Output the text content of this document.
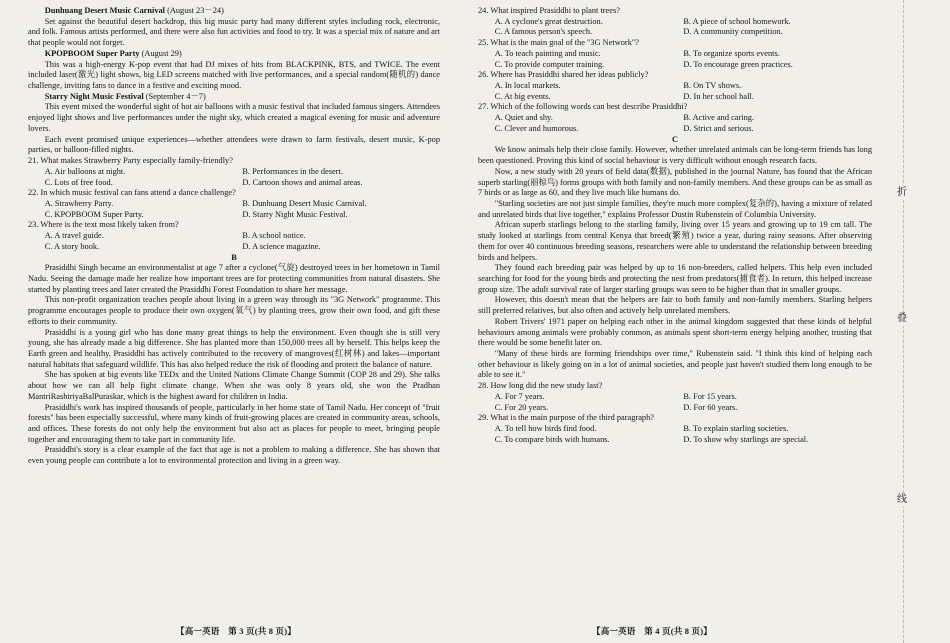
Dunhuang Desert Music Carnival (August 23－24)

Set against the beautiful desert backdrop, this big music party had many different styles including rock, electronic, and folk. Famous artists performed, and there were also fun activities and food to try. It was a special mix of nature and art that people would not forget.

KPOPBOOM Super Party (August 29)

This was a high-energy K-pop event that had DJ mixes of hits from BLACKPINK, BTS, and TWICE. The event included laser(激光) light shows, big LED screens matched with live performances, and a special random(随机的) dance challenge, inviting fans to dance in a festive and exciting mood.

Starry Night Music Festival (September 4－7)

This event mixed the wonderful sight of hot air balloons with a music festival that included famous singers. Attendees enjoyed light shows and live performances under the night sky, which created a magical evening for music and adventure lovers.

Each event promised unique experiences—whether attendees were drawn to farm festivals, desert music, K-pop parties, or balloon-filled nights.

21. What makes Strawberry Party especially family-friendly?

A. Air balloons at night.	B. Performances in the desert.
C. Lots of free food.	D. Cartoon shows and animal areas.

22. In which music festival can fans attend a dance challenge?

A. Strawberry Party.	B. Dunhuang Desert Music Carnival.
C. KPOPBOOM Super Party.	D. Starry Night Music Festival.

23. Where is the text most likely taken from?

A. A travel guide.	B. A school notice.
C. A story book.	D. A science magazine.

B

Prasiddhi Singh became an environmentalist at age 7 after a cyclone(气旋) destroyed trees in her hometown in Tamil Nadu. Seeing the damage made her realize how important trees are for protecting communities from natural disasters. She started by planting trees and later created the Prasiddhi Forest Foundation to share her message.

This non-profit organization teaches people about living in a green way through its "3G Network" programme. This programme encourages people to produce their own oxygen(氧气) by planting trees, grow their own food, and gift these efforts to their community.

Prasiddhi is a young girl who has done many great things to help the environment. Even though she is still very young, she has already made a big difference. She has planted more than 150,000 trees all by herself. This helps keep the Earth green and healthy. Prasiddhi has actively contributed to the recovery of mangroves(红树林) and lakes—important natural habitats that safeguard wildlife. This has also helped reduce the risk of flooding and protect the balance of nature.

She has spoken at big events like TEDx and the United Nations Climate Change Summit (COP 28 and 29). She talks about how we can all help fight climate change. When she was only 8 years old, she won the Pradhan MantriRashtriyaBalPuraskar, which is the highest award for children in India.

Prasiddhi's work has inspired thousands of people, particularly in her home state of Tamil Nadu. Her concept of "fruit forests" has been especially successful, where many kinds of fruit-growing places are created in community areas, schools, and offices. These forests do not only help the environment but also act as places for people to meet, bringing people together and encouraging them to take part in community life.

Prasiddhi's story is a clear example of the fact that age is not a problem to making a difference. She has shown that even young people can contribute a lot to environmental protection and living in a green way.

24. What inspired Prasiddhi to plant trees?

A. A cyclone's great destruction.	B. A piece of school homework.
C. A famous person's speech.	D. A community competition.

25. What is the main goal of the "3G Network"?

A. To teach painting and music.	B. To organize sports events.
C. To provide computer training.	D. To encourage green practices.

26. Where has Prasiddhi shared her ideas publicly?

A. In local markets.	B. On TV shows.
C. At big events.	D. In her school hall.

27. Which of the following words can best describe Prasiddhi?

A. Quiet and shy.	B. Active and caring.
C. Clever and humorous.	D. Strict and serious.

C

We know animals help their close family. However, whether unrelated animals can be long-term friends has long been questioned. Proving this kind of social behaviour is very difficult without enough research facts.

Now, a new study with 20 years of field data(数据), published in the journal Nature, has found that the African superb starling(丽椋鸟) forms groups with both family and non-family members. And these groups can be as small as 7 birds or as large as 60, and they live much like humans do.

"Starling societies are not just simple families, they're much more complex(复杂的), having a mixture of related and unrelated birds that live together," explains Professor Dustin Rubenstein of Columbia University.

African superb starlings belong to the starling family, living over 15 years and growing up to 19 cm tall. The study looked at starlings from central Kenya that breed(繁殖) twice a year, during rainy seasons. After observing them for over 40 continuous breeding seasons, researchers were able to understand the relationship between breeding birds and helpers.

They found each breeding pair was helped by up to 16 non-breeders, called helpers. This help even included searching for food for the young birds and protecting the nest from predators(捕食者). In return, this helped increase group size. The adult survival rate of larger starling groups was seen to be higher than that in smaller groups.

However, this doesn't mean that the helpers are fair to both family and non-family members. Starling helpers still preferred relatives, but also often and actively help unrelated members.

Robert Trivers' 1971 paper on helping each other in the animal kingdom suggested that these kinds of helpful behaviours among animals were probably common, as animals spent short-term energy helping another, trusting that there would be some benefit later on.

"Many of these birds are forming friendships over time," Rubenstein said. "I think this kind of helping each other behaviour is likely going on in a lot of animal societies, and people just haven't studied them long enough to be able to see it."

28. How long did the new study last?

A. For 7 years.	B. For 15 years.
C. For 20 years.	D. For 60 years.

29. What is the main purpose of the third paragraph?

A. To tell how birds find food.	B. To explain starling societies.
C. To compare birds with humans.	D. To show why starlings are special.
【高一英语　第 3 页(共 8 页)】	【高一英语　第 4 页(共 8 页)】
折
叠
线
